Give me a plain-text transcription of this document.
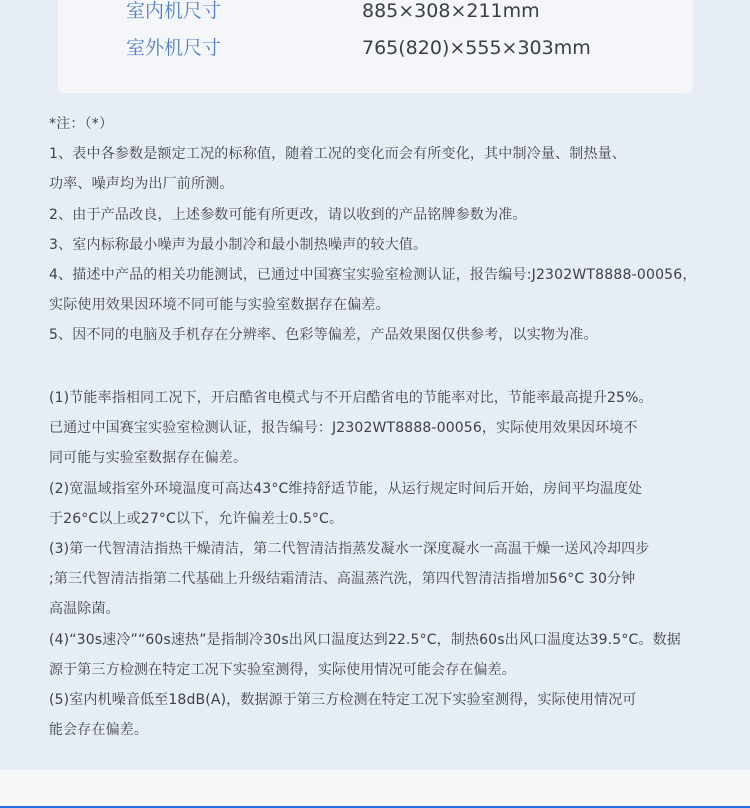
室内机尺寸	885×308×211mm
室外机尺寸	765(820)×555×303mm

*注：（*）

1、表中各参数是额定工况的标称值，随着工况的变化而会有所变化，其中制冷量、制热量、

功率、噪声均为出厂前所测。

2、由于产品改良，上述参数可能有所更改，请以收到的产品铭牌参数为准。

3、室内标称最小噪声为最小制冷和最小制热噪声的较大值。

4、描述中产品的相关功能测试，已通过中国赛宝实验室检测认证，报告编号:J2302WT8888-00056，

实际使用效果因环境不同可能与实验室数据存在偏差。

5、因不同的电脑及手机存在分辨率、色彩等偏差，产品效果图仅供参考，以实物为准。

(1)节能率指相同工况下，开启酷省电模式与不开启酷省电的节能率对比，节能率最高提升25%。

已通过中国赛宝实验室检测认证，报告编号：J2302WT8888-00056，实际使用效果因环境不

同可能与实验室数据存在偏差。

(2)宽温域指室外环境温度可高达43°C维持舒适节能，从运行规定时间后开始，房间平均温度处

于26°C以上或27°C以下，允许偏差士0.5°C。

(3)第一代智清洁指热干燥清洁，第二代智清洁指蒸发凝水一深度凝水一高温干燥一送风冷却四步

;第三代智清洁指第二代基础上升级结霜清洁、高温蒸汽洗，第四代智清洁指增加56°C 30分钟

高温除菌。

(4)“30s速冷”“60s速热”是指制冷30s出风口温度达到22.5°C，制热60s出风口温度达39.5°C。数据

源于第三方检测在特定工况下实验室测得，实际使用情况可能会存在偏差。

(5)室内机噪音低至18dB(A)，数据源于第三方检测在特定工况下实验室测得，实际使用情况可

能会存在偏差。
